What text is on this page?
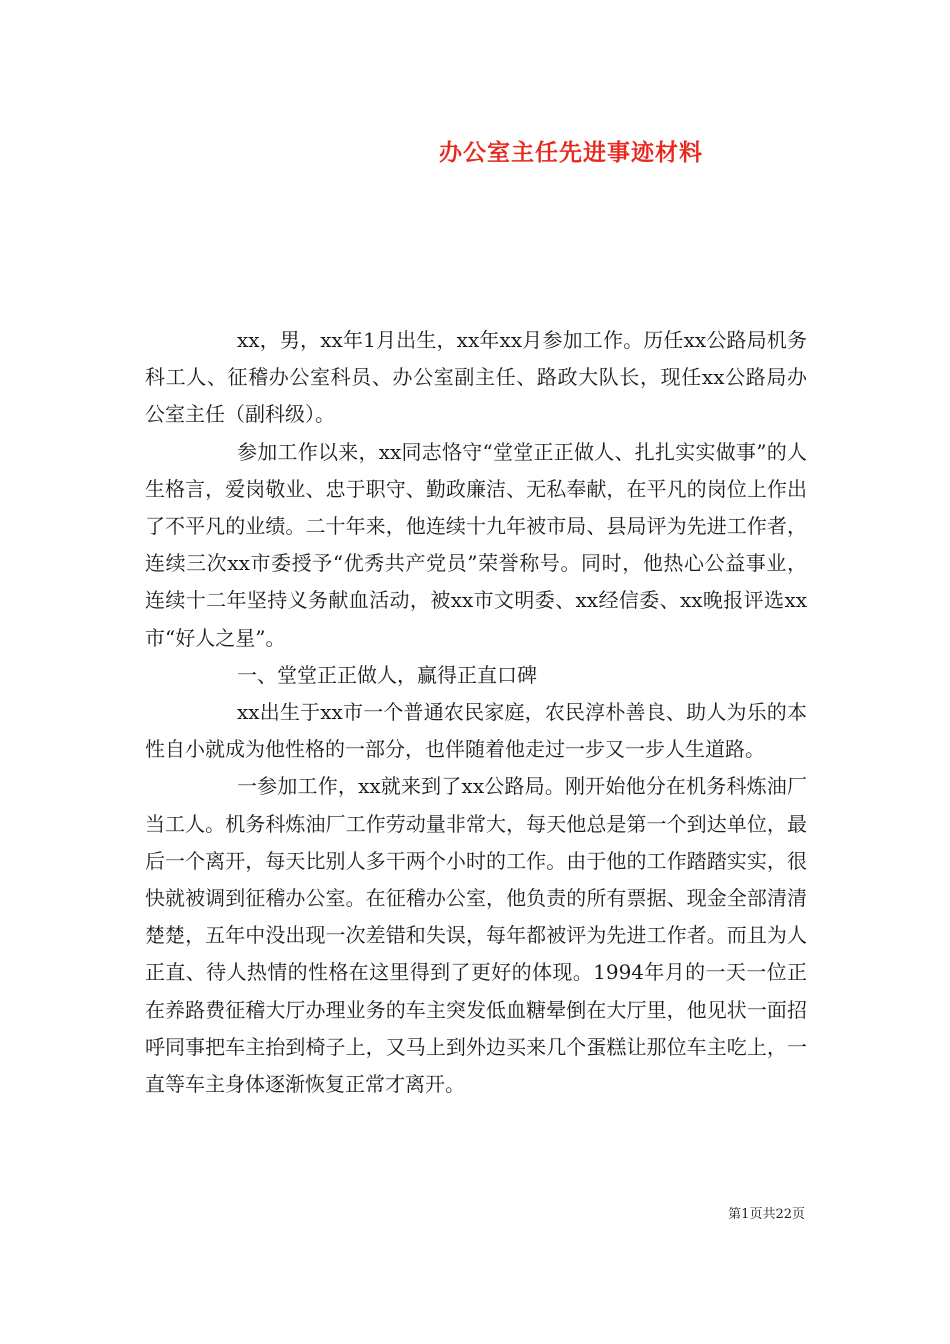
办公室主任先进事迹材料

xx，男，xx年1月出生，xx年xx月参加工作。历任xx公路局机务科工人、征稽办公室科员、办公室副主任、路政大队长，现任xx公路局办公室主任（副科级）。

参加工作以来，xx同志恪守“堂堂正正做人、扎扎实实做事”的人生格言，爱岗敬业、忠于职守、勤政廉洁、无私奉献，在平凡的岗位上作出了不平凡的业绩。二十年来，他连续十九年被市局、县局评为先进工作者，连续三次xx市委授予“优秀共产党员”荣誉称号。同时，他热心公益事业，连续十二年坚持义务献血活动，被xx市文明委、xx经信委、xx晚报评选xx市“好人之星”。

一、堂堂正正做人，赢得正直口碑

xx出生于xx市一个普通农民家庭，农民淳朴善良、助人为乐的本性自小就成为他性格的一部分，也伴随着他走过一步又一步人生道路。

一参加工作，xx就来到了xx公路局。刚开始他分在机务科炼油厂当工人。机务科炼油厂工作劳动量非常大，每天他总是第一个到达单位，最后一个离开，每天比别人多干两个小时的工作。由于他的工作踏踏实实，很快就被调到征稽办公室。在征稽办公室，他负责的所有票据、现金全部清清楚楚，五年中没出现一次差错和失误，每年都被评为先进工作者。而且为人正直、待人热情的性格在这里得到了更好的体现。1994年月的一天一位正在养路费征稽大厅办理业务的车主突发低血糖晕倒在大厅里，他见状一面招呼同事把车主抬到椅子上，又马上到外边买来几个蛋糕让那位车主吃上，一直等车主身体逐渐恢复正常才离开。

第1页共22页
